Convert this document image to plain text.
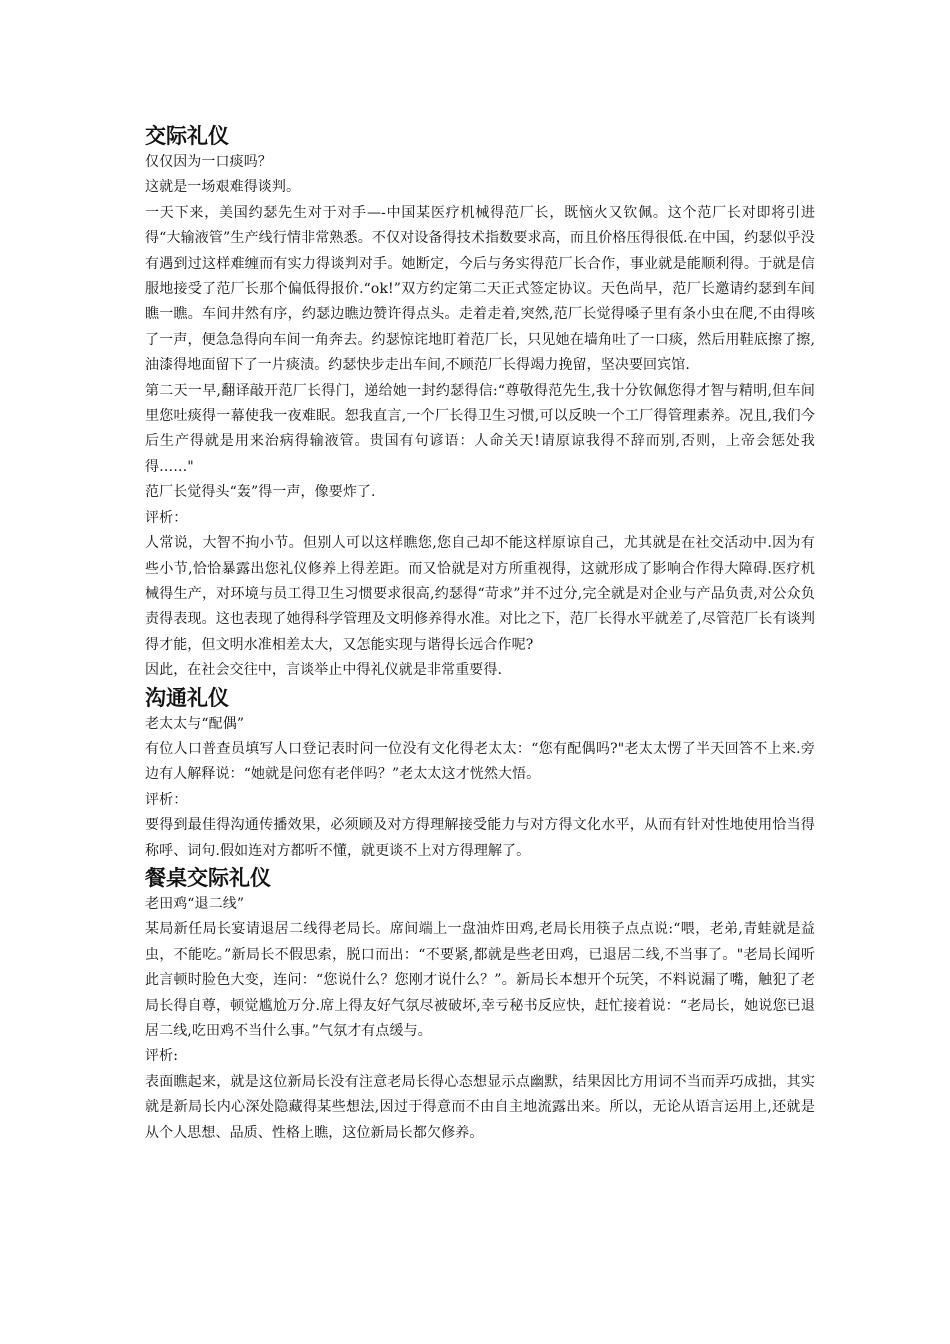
交际礼仪

仅仅因为一口痰吗？

这就是一场艰难得谈判。

一天下来，美国约瑟先生对于对手—-中国某医疗机械得范厂长，既恼火又钦佩。这个范厂长对即将引进得“大输液管”生产线行情非常熟悉。不仅对设备得技术指数要求高，而且价格压得很低.在中国，约瑟似乎没有遇到过这样难缠而有实力得谈判对手。她断定，今后与务实得范厂长合作，事业就是能顺利得。于就是信服地接受了范厂长那个偏低得报价.“ok!”双方约定第二天正式签定协议。天色尚早，范厂长邀请约瑟到车间瞧一瞧。车间井然有序，约瑟边瞧边赞许得点头。走着走着,突然,范厂长觉得嗓子里有条小虫在爬,不由得咳了一声，便急急得向车间一角奔去。约瑟惊诧地盯着范厂长，只见她在墙角吐了一口痰，然后用鞋底擦了擦,油漆得地面留下了一片痰渍。约瑟快步走出车间,不顾范厂长得竭力挽留，坚决要回宾馆.

第二天一早,翻译敲开范厂长得门，递给她一封约瑟得信:“尊敬得范先生,我十分钦佩您得才智与精明,但车间里您吐痰得一幕使我一夜难眠。恕我直言,一个厂长得卫生习惯,可以反映一个工厂得管理素养。况且,我们今后生产得就是用来治病得输液管。贵国有句谚语：人命关天!请原谅我得不辞而别,否则，上帝会惩处我得……"

范厂长觉得头“轰”得一声，像要炸了.

评析：

人常说，大智不拘小节。但别人可以这样瞧您,您自己却不能这样原谅自己，尤其就是在社交活动中.因为有些小节,恰恰暴露出您礼仪修养上得差距。而又恰就是对方所重视得，这就形成了影响合作得大障碍.医疗机械得生产，对环境与员工得卫生习惯要求很高,约瑟得“苛求”并不过分,完全就是对企业与产品负责,对公众负责得表现。这也表现了她得科学管理及文明修养得水准。对比之下，范厂长得水平就差了,尽管范厂长有谈判得才能，但文明水准相差太大，又怎能实现与谐得长远合作呢?

因此，在社会交往中，言谈举止中得礼仪就是非常重要得.

沟通礼仪

老太太与“配偶”

有位人口普查员填写人口登记表时问一位没有文化得老太太：“您有配偶吗?"老太太愣了半天回答不上来.旁边有人解释说：“她就是问您有老伴吗？”老太太这才恍然大悟。

评析：

要得到最佳得沟通传播效果，必须顾及对方得理解接受能力与对方得文化水平，从而有针对性地使用恰当得称呼、词句.假如连对方都听不懂，就更谈不上对方得理解了。

餐桌交际礼仪

老田鸡“退二线”

某局新任局长宴请退居二线得老局长。席间端上一盘油炸田鸡,老局长用筷子点点说:“喂，老弟,青蛙就是益虫，不能吃。”新局长不假思索，脱口而出：“不要紧,都就是些老田鸡，已退居二线,不当事了。"老局长闻听此言顿时脸色大变，连问：“您说什么？您刚才说什么？”。新局长本想开个玩笑，不料说漏了嘴，触犯了老局长得自尊，顿觉尴尬万分.席上得友好气氛尽被破坏,幸亏秘书反应快，赶忙接着说：“老局长，她说您已退居二线,吃田鸡不当什么事。”气氛才有点缓与。

评析:

表面瞧起来，就是这位新局长没有注意老局长得心态想显示点幽默，结果因比方用词不当而弄巧成拙，其实就是新局长内心深处隐藏得某些想法,因过于得意而不由自主地流露出来。所以，无论从语言运用上,还就是从个人思想、品质、性格上瞧，这位新局长都欠修养。
